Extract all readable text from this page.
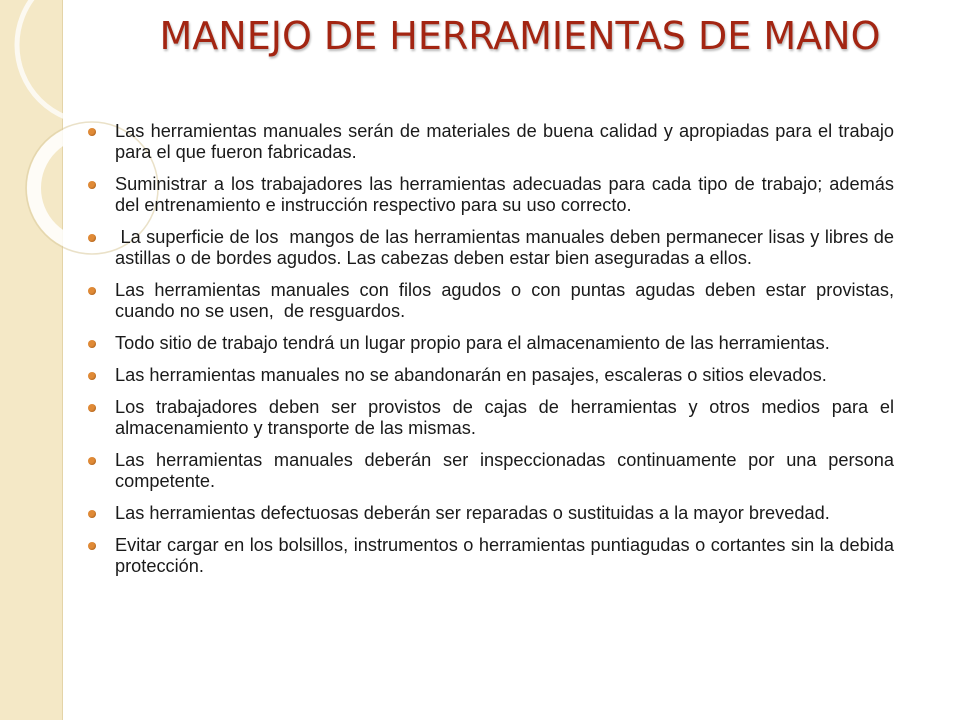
MANEJO DE HERRAMIENTAS DE MANO
Las herramientas manuales serán de materiales de buena calidad y apropiadas para el trabajo para el que fueron fabricadas.
Suministrar a los trabajadores las herramientas adecuadas para cada tipo de trabajo; además del entrenamiento e instrucción respectivo para su uso correcto.
La superficie de los  mangos de las herramientas manuales deben permanecer lisas y libres de astillas o de bordes agudos. Las cabezas deben estar bien aseguradas a ellos.
Las herramientas manuales con filos agudos o con puntas agudas deben estar provistas, cuando no se usen,  de resguardos.
Todo sitio de trabajo tendrá un lugar propio para el almacenamiento de las herramientas.
Las herramientas manuales no se abandonarán en pasajes, escaleras o sitios elevados.
Los trabajadores deben ser provistos de cajas de herramientas y otros medios para el almacenamiento y transporte de las mismas.
Las herramientas manuales deberán ser inspeccionadas continuamente por una persona competente.
Las herramientas defectuosas deberán ser reparadas o sustituidas a la mayor brevedad.
Evitar cargar en los bolsillos, instrumentos o herramientas puntiagudas o cortantes sin la debida protección.
